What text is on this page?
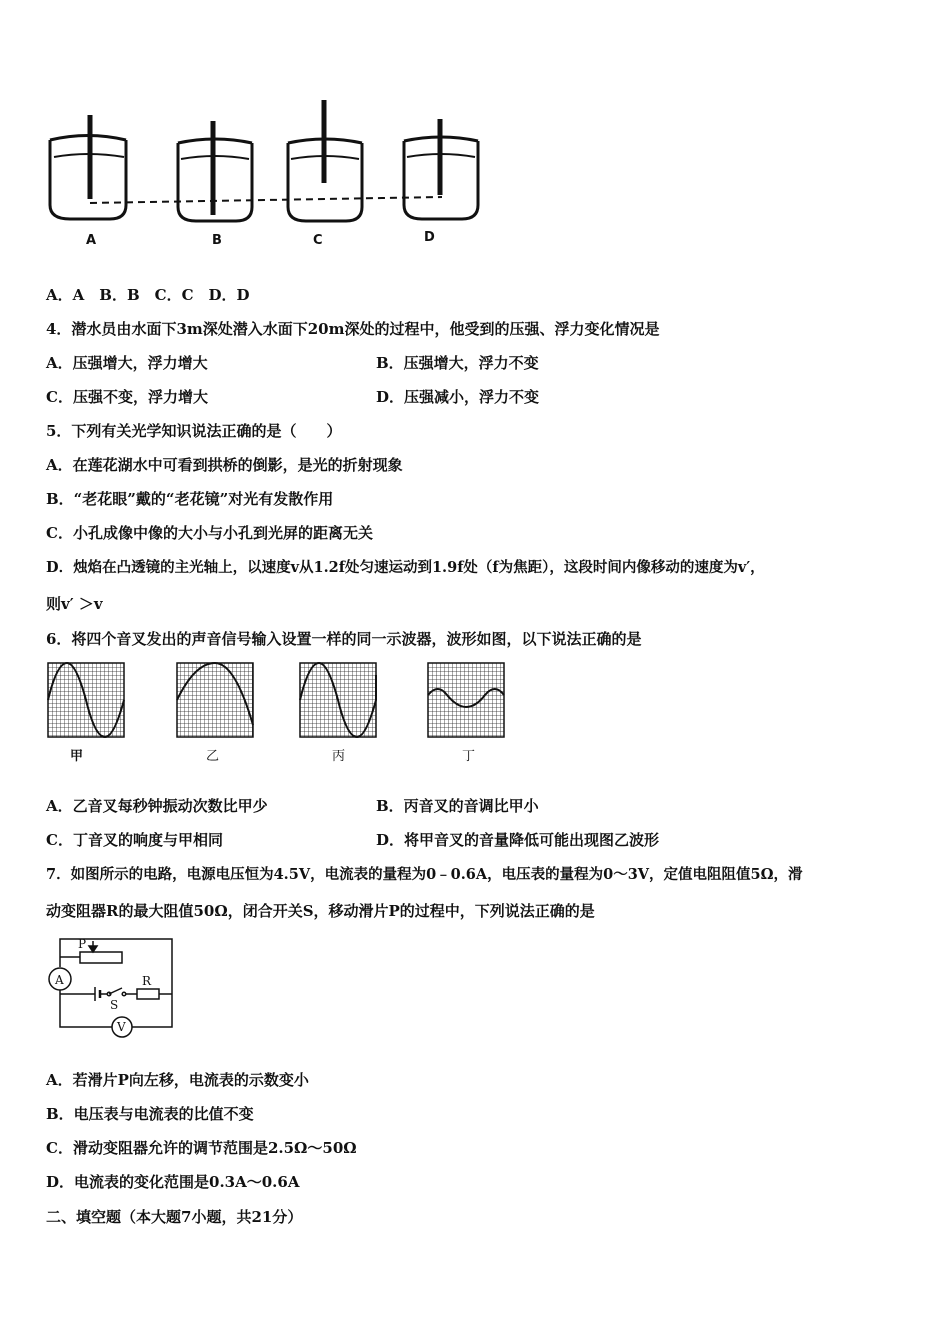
A	B	C	D
A．A　B．B　C．C　D．D
4．潜水员由水面下3m深处潜入水面下20m深处的过程中，他受到的压强、浮力变化情况是
A．压强增大，浮力增大	B．压强增大，浮力不变
C．压强不变，浮力增大	D．压强减小，浮力不变
5．下列有关光学知识说法正确的是（　　）
A．在莲花湖水中可看到拱桥的倒影，是光的折射现象
B．“老花眼”戴的“老花镜”对光有发散作用
C．小孔成像中像的大小与小孔到光屏的距离无关
D．烛焰在凸透镜的主光轴上，以速度v从1.2f处匀速运动到1.9f处（f为焦距），这段时间内像移动的速度为v′，
则v′ ＞v
6．将四个音叉发出的声音信号输入设置一样的同一示波器，波形如图，以下说法正确的是
甲	乙	丙	丁
A．乙音叉每秒钟振动次数比甲少	B．丙音叉的音调比甲小
C．丁音叉的响度与甲相同	D．将甲音叉的音量降低可能出现图乙波形
7．如图所示的电路，电源电压恒为4.5V，电流表的量程为0﹣0.6A，电压表的量程为0～3V，定值电阻阻值5Ω，滑
动变阻器R的最大阻值50Ω，闭合开关S，移动滑片P的过程中，下列说法正确的是
P
A
S
R
V
A．若滑片P向左移，电流表的示数变小
B．电压表与电流表的比值不变
C．滑动变阻器允许的调节范围是2.5Ω～50Ω
D．电流表的变化范围是0.3A～0.6A
二、填空题（本大题7小题，共21分）
